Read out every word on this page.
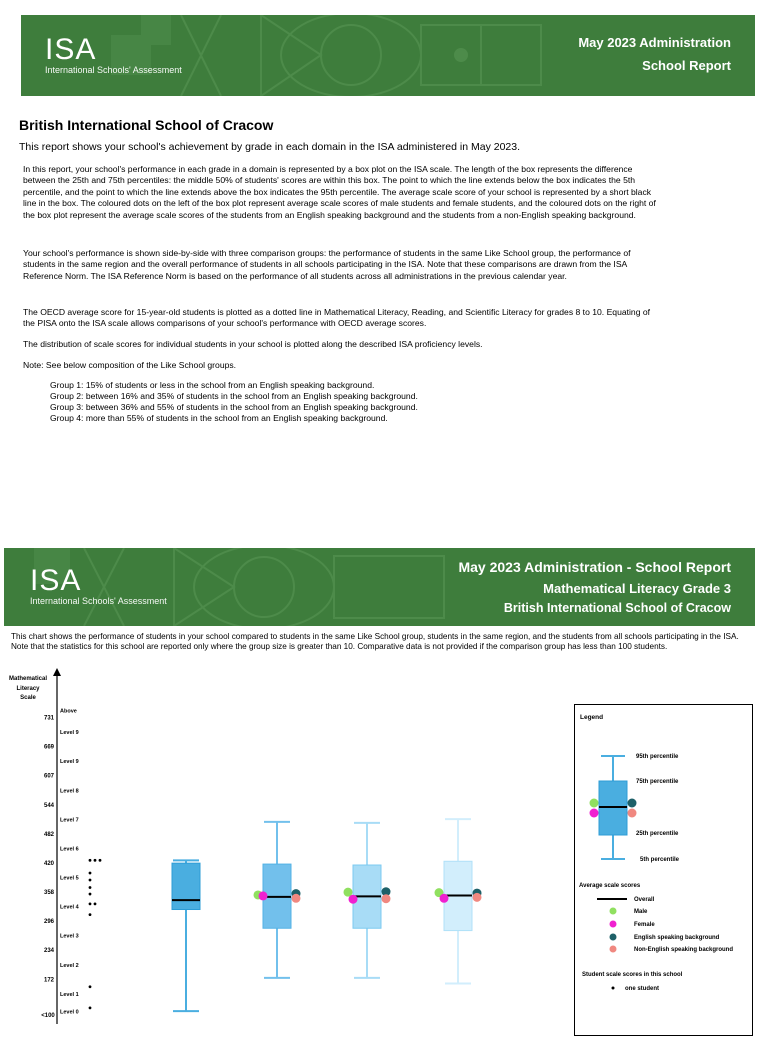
ISA
International Schools' Assessment
May 2023 Administration
School Report
British International School of Cracow
This report shows your school's achievement by grade in each domain in the ISA administered in May 2023.

In this report, your school's performance in each grade in a domain is represented by a box plot on the ISA scale. The length of the box represents the difference between the 25th and 75th percentiles: the middle 50% of students' scores are within this box. The point to which the line extends below the box indicates the 5th percentile, and the point to which the line extends above the box indicates the 95th percentile. The average scale score of your school is represented by a short black line in the box. The coloured dots on the left of the box plot represent average scale scores of male students and female students, and the coloured dots on the right of the box plot represent the average scale scores of the students from an English speaking background and the students from a non-English speaking background.

Your school's performance is shown side-by-side with three comparison groups: the performance of students in the same Like School group, the performance of students in the same region and the overall performance of students in all schools participating in the ISA. Note that these comparisons are drawn from the ISA Reference Norm. The ISA Reference Norm is based on the performance of all students across all administrations in the previous calendar year.

The OECD average score for 15-year-old students is plotted as a dotted line in Mathematical Literacy, Reading, and Scientific Literacy for grades 8 to 10. Equating of the PISA onto the ISA scale allows comparisons of your school's performance with OECD average scores.

The distribution of scale scores for individual students in your school is plotted along the described ISA proficiency levels.

Note: See below composition of the Like School groups.

Group 1: 15% of students or less in the school from an English speaking background.
Group 2: between 16% and 35% of students in the school from an English speaking background.
Group 3: between 36% and 55% of students in the school from an English speaking background.
Group 4: more than 55% of students in the school from an English speaking background.
ISA
International Schools' Assessment
May 2023 Administration - School Report
Mathematical Literacy Grade 3
British International School of Cracow

This chart shows the performance of students in your school compared to students in the same Like School group, students in the same region, and the students from all schools participating in the ISA. Note that the statistics for this school are reported only where the group size is greater than 10. Comparative data is not provided if the comparison group has less than 100 students.

Mathematical
Literacy
Scale
172
234
296
358
420
482
544
607
669
731
<100
Level 0
Level 1
Level 2
Level 3
Level 4
Level 5
Level 6
Level 7
Level 8
Level 9
Above
Level 9
Legend
95th percentile
75th percentile
25th percentile
5th percentile
Average scale scores
Overall
Male
Female
English speaking background
Non-English speaking background
Student scale scores in this school
one student
